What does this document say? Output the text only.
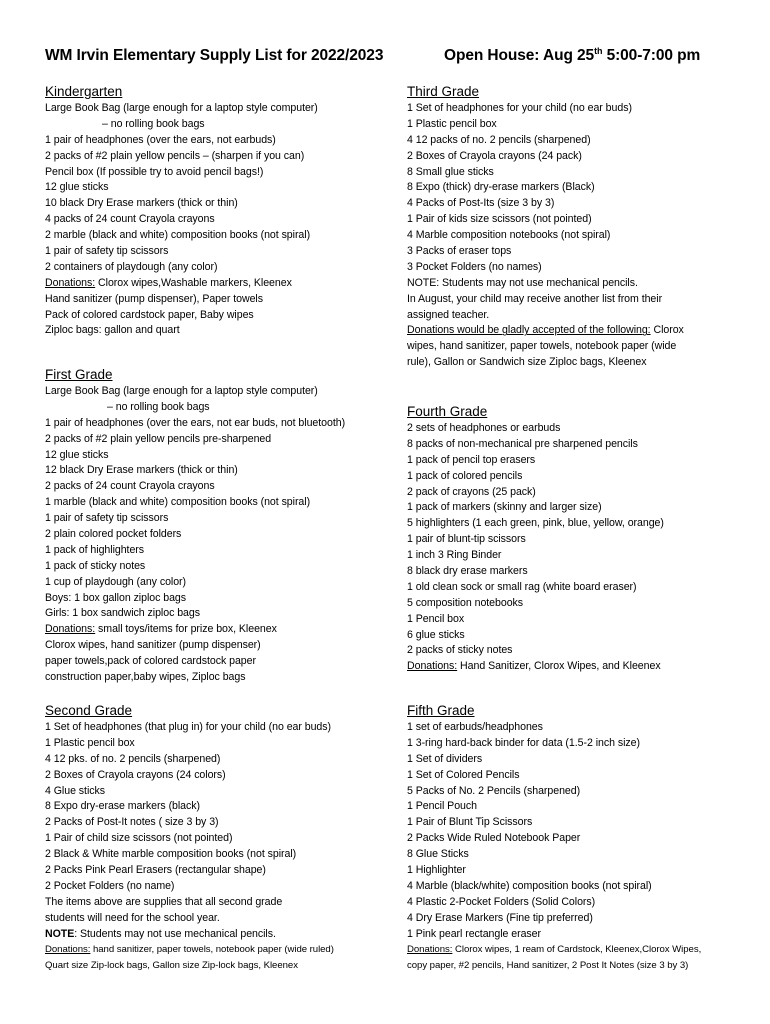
WM Irvin Elementary Supply List for 2022/2023	Open House: Aug 25th 5:00-7:00 pm
Kindergarten
Large Book Bag (large enough for a laptop style computer)
– no rolling book bags
1 pair of headphones (over the ears, not earbuds)
2 packs of #2 plain yellow pencils – (sharpen if you can)
Pencil box (If possible try to avoid pencil bags!)
12 glue sticks
10 black Dry Erase markers (thick or thin)
4 packs of 24 count Crayola crayons
2 marble (black and white) composition books (not spiral)
1 pair of safety tip scissors
2 containers of playdough (any color)
Donations: Clorox wipes,Washable markers, Kleenex
Hand sanitizer (pump dispenser), Paper towels
Pack of colored cardstock paper, Baby wipes
Ziploc bags: gallon and quart
First Grade
Large Book Bag (large enough for a laptop style computer)
– no rolling book bags
1 pair of headphones (over the ears, not ear buds, not bluetooth)
2 packs of #2 plain yellow pencils pre-sharpened
12 glue sticks
12 black Dry Erase markers (thick or thin)
2 packs of 24 count Crayola crayons
1 marble (black and white) composition books (not spiral)
1 pair of safety tip scissors
2 plain colored pocket folders
1 pack of highlighters
1 pack of sticky notes
1 cup of playdough (any color)
Boys: 1 box gallon ziploc bags
Girls: 1 box sandwich ziploc bags
Donations: small toys/items for prize box, Kleenex
Clorox wipes, hand sanitizer (pump dispenser)
paper towels,pack of colored cardstock paper
construction paper,baby wipes, Ziploc bags
Second Grade
1 Set of headphones (that plug in) for your child (no ear buds)
1 Plastic pencil box
4 12 pks. of no. 2 pencils (sharpened)
2 Boxes of Crayola crayons (24 colors)
4 Glue sticks
8 Expo dry-erase markers (black)
2 Packs of Post-It notes ( size 3 by 3)
1 Pair of child size scissors (not pointed)
2 Black & White marble composition books (not spiral)
2 Packs Pink Pearl Erasers (rectangular shape)
2 Pocket Folders (no name)
The items above are supplies that all second grade
students will need for the school year.
NOTE: Students may not use mechanical pencils.
Donations: hand sanitizer, paper towels, notebook paper (wide ruled)
Quart size Zip-lock bags, Gallon size Zip-lock bags, Kleenex
Third Grade
1 Set of headphones for your child (no ear buds)
1 Plastic pencil box
4 12 packs of no. 2 pencils (sharpened)
2 Boxes of Crayola crayons (24 pack)
8 Small glue sticks
8 Expo (thick) dry-erase markers (Black)
4 Packs of Post-Its (size 3 by 3)
1 Pair of kids size scissors (not pointed)
4 Marble composition notebooks (not spiral)
3 Packs of eraser tops
3 Pocket Folders (no names)
NOTE: Students may not use mechanical pencils.
In August, your child may receive another list from their
assigned teacher.
Donations would be gladly accepted of the following: Clorox
wipes, hand sanitizer, paper towels, notebook paper (wide
rule), Gallon or Sandwich size Ziploc bags, Kleenex
Fourth Grade
2 sets of headphones or earbuds
8 packs of non-mechanical pre sharpened pencils
1 pack of pencil top erasers
1 pack of colored pencils
2 pack of crayons (25 pack)
1 pack of markers (skinny and larger size)
5 highlighters (1 each green, pink, blue, yellow, orange)
1 pair of blunt-tip scissors
1 inch 3 Ring Binder
8 black dry erase markers
1 old clean sock or small rag (white board eraser)
5 composition notebooks
1 Pencil box
6 glue sticks
2 packs of sticky notes
Donations: Hand Sanitizer, Clorox Wipes, and Kleenex
Fifth Grade
1 set of earbuds/headphones
1 3-ring hard-back binder for data (1.5-2 inch size)
1 Set of dividers
1 Set of Colored Pencils
5 Packs of No. 2 Pencils (sharpened)
1 Pencil Pouch
1 Pair of Blunt Tip Scissors
2 Packs Wide Ruled Notebook Paper
8 Glue Sticks
1 Highlighter
4 Marble (black/white) composition books (not spiral)
4 Plastic 2-Pocket Folders (Solid Colors)
4 Dry Erase Markers (Fine tip preferred)
1 Pink pearl rectangle eraser
Donations: Clorox wipes, 1 ream of Cardstock, Kleenex,Clorox Wipes,
copy paper, #2 pencils, Hand sanitizer, 2 Post It Notes (size 3 by 3)
